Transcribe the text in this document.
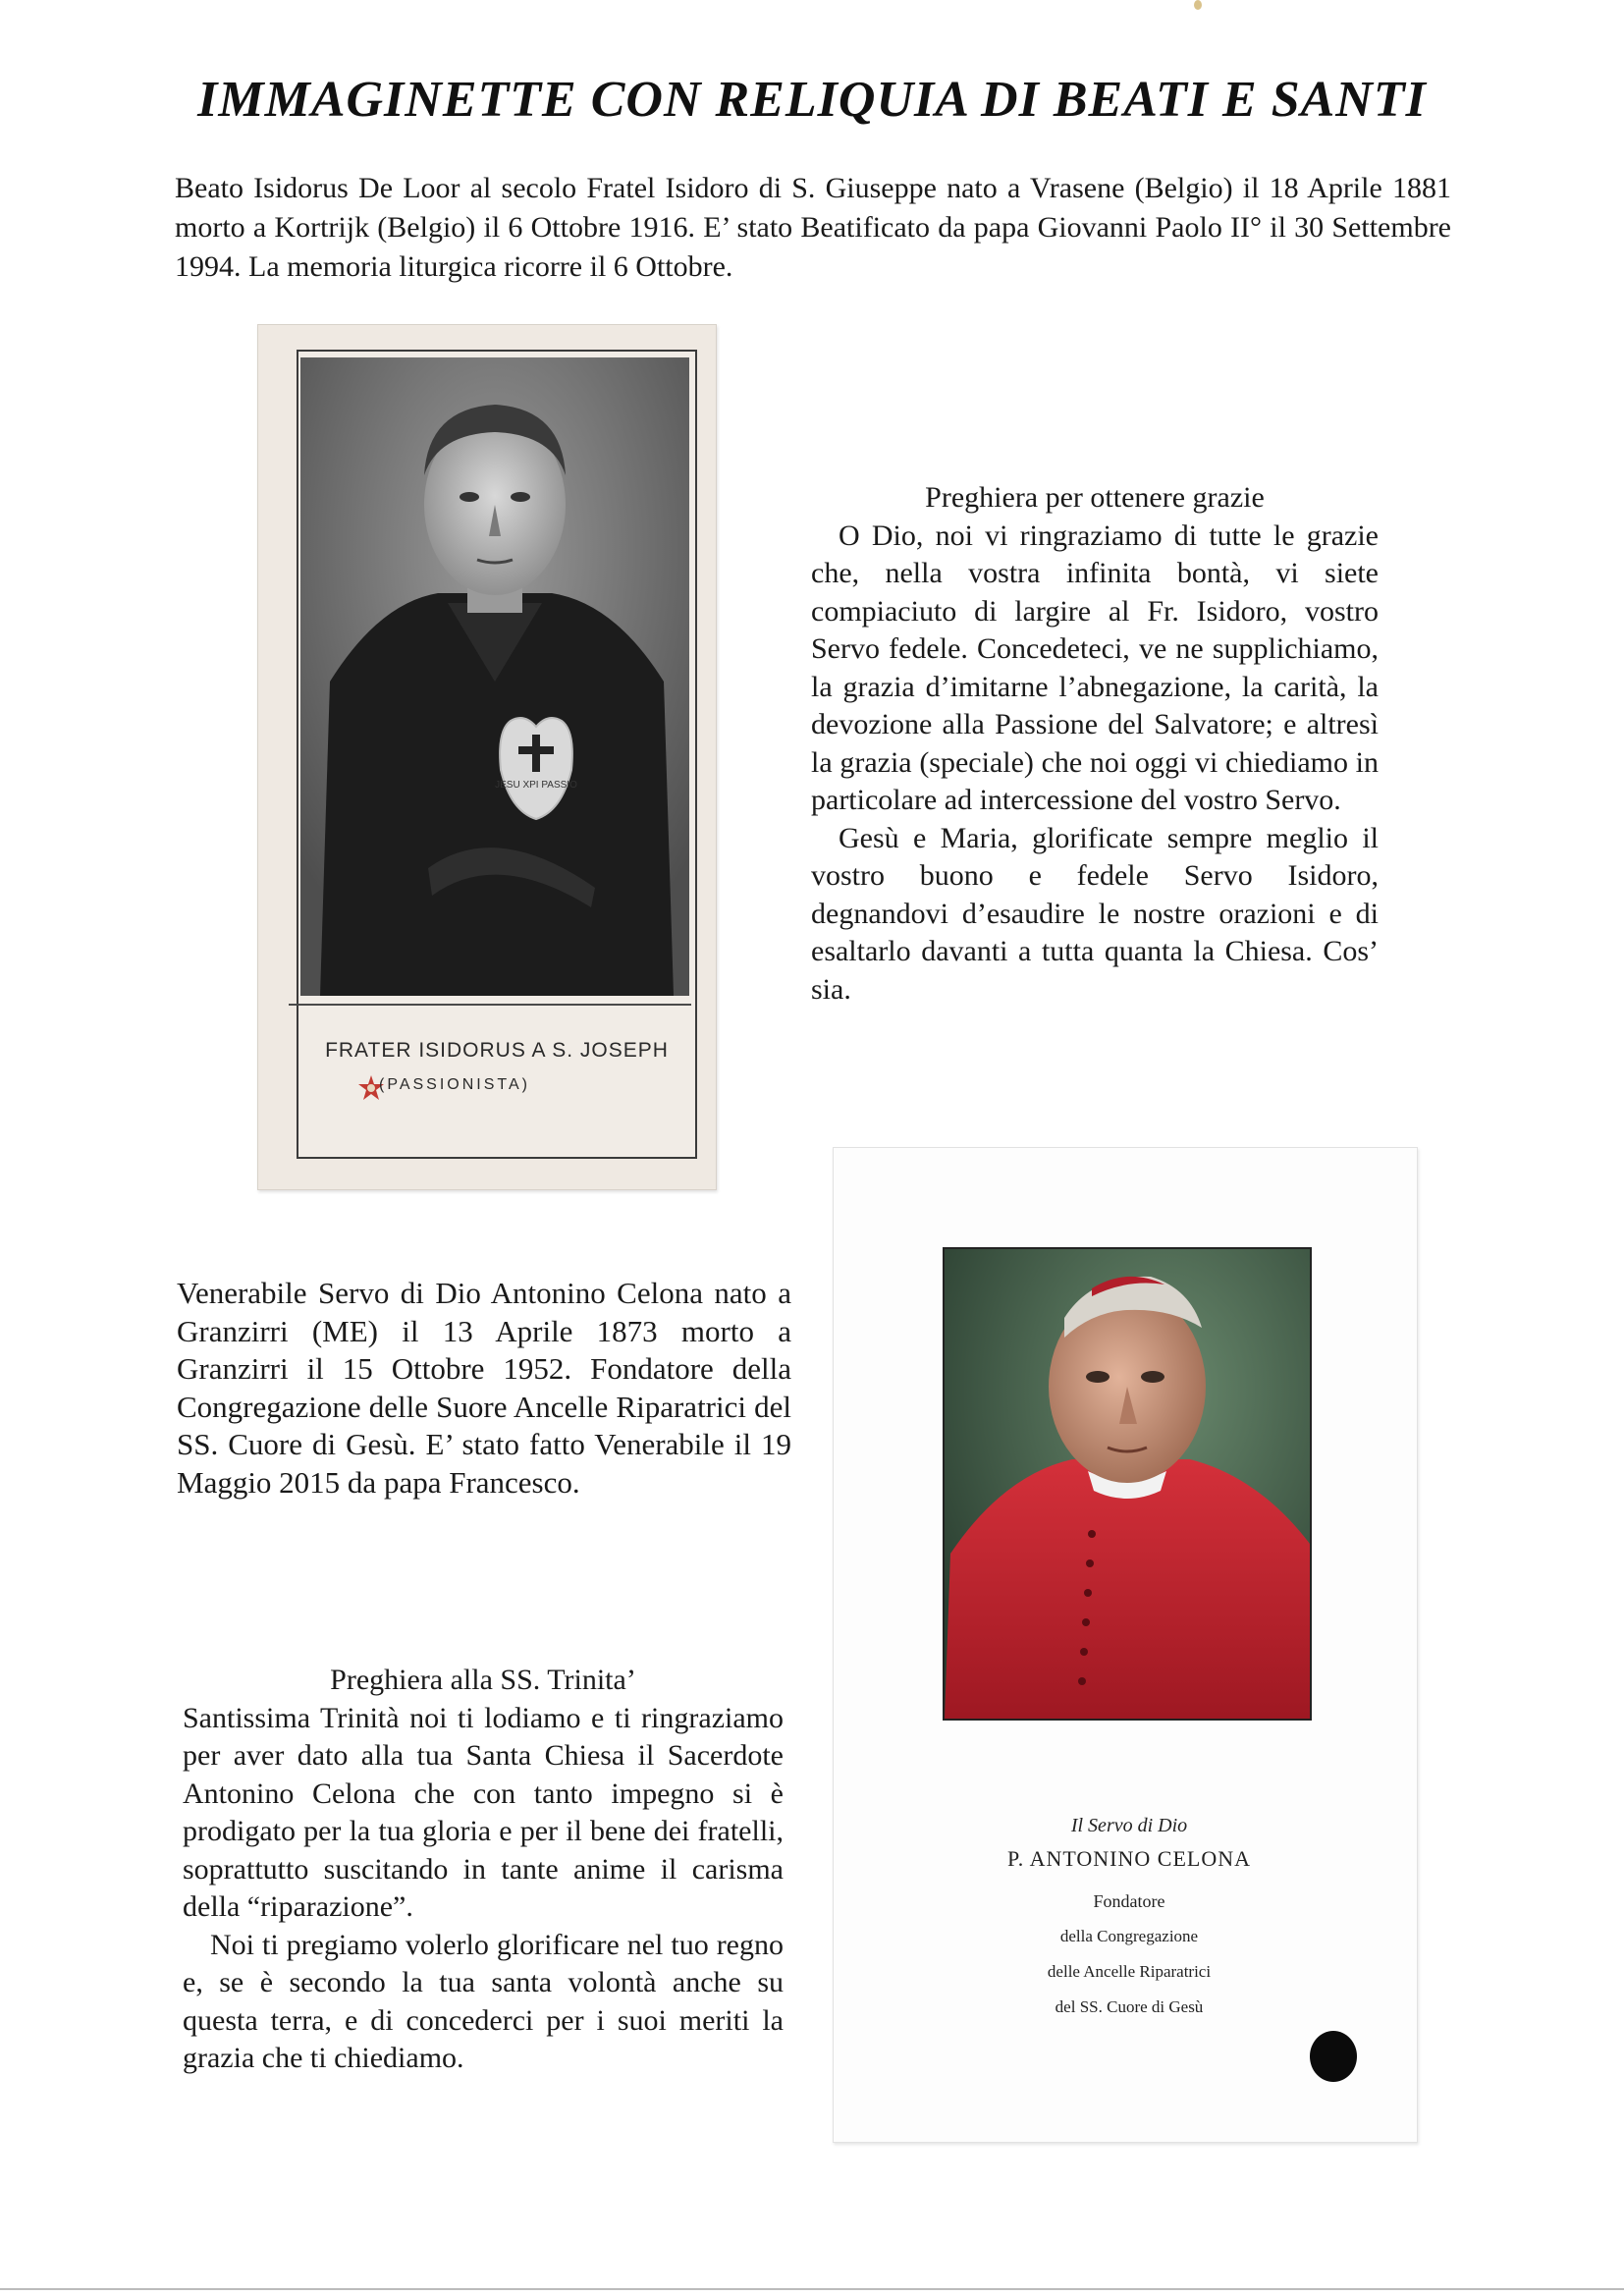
IMMAGINETTE CON RELIQUIA DI BEATI E SANTI
Beato Isidorus De Loor al secolo Fratel Isidoro di S. Giuseppe nato a Vrasene (Belgio) il 18 Aprile 1881 morto a Kortrijk (Belgio) il 6 Ottobre 1916. E’ stato Beatificato da papa Giovanni Paolo II° il 30 Settembre 1994. La memoria liturgica ricorre il 6 Ottobre.
JESU XPI PASSIO
FRATER ISIDORUS A S. JOSEPH
(PASSIONISTA)
Preghiera per ottenere grazie

O Dio, noi vi ringraziamo di tutte le grazie che, nella vostra infinita bontà, vi siete compiaciuto di largire al Fr. Isidoro, vostro Servo fedele. Concedeteci, ve ne supplichiamo, la grazia d’imitarne l’abnegazione, la carità, la devozione alla Passione del Salvatore; e altresì la grazia (speciale) che noi oggi vi chiediamo in particolare ad intercessione del vostro Servo.

Gesù e Maria, glorificate sempre meglio il vostro buono e fedele Servo Isidoro, degnandovi d’esaudire le nostre orazioni e di esaltarlo davanti a tutta quanta la Chiesa. Cos’ sia.

Venerabile Servo di Dio Antonino Celona nato a Granzirri (ME) il 13 Aprile 1873 morto a Granzirri il 15 Ottobre 1952. Fondatore della Congregazione delle Suore Ancelle Riparatrici del SS. Cuore di Gesù. E’ stato fatto Venerabile il 19 Maggio 2015 da papa Francesco.
Preghiera alla SS. Trinita’

Santissima Trinità noi ti lodiamo e ti ringraziamo per aver dato alla tua Santa Chiesa il Sacerdote Antonino Celona che con tanto impegno si è prodigato per la tua gloria e per il bene dei fratelli, soprattutto suscitando in tante anime il carisma della “riparazione”.

Noi ti pregiamo volerlo glorificare nel tuo regno e, se è secondo la tua santa volontà anche su questa terra, e di concederci per i suoi meriti la grazia che ti chiediamo.

Il Servo di Dio
P. ANTONINO CELONA
Fondatore
della Congregazione
delle Ancelle Riparatrici
del SS. Cuore di Gesù
